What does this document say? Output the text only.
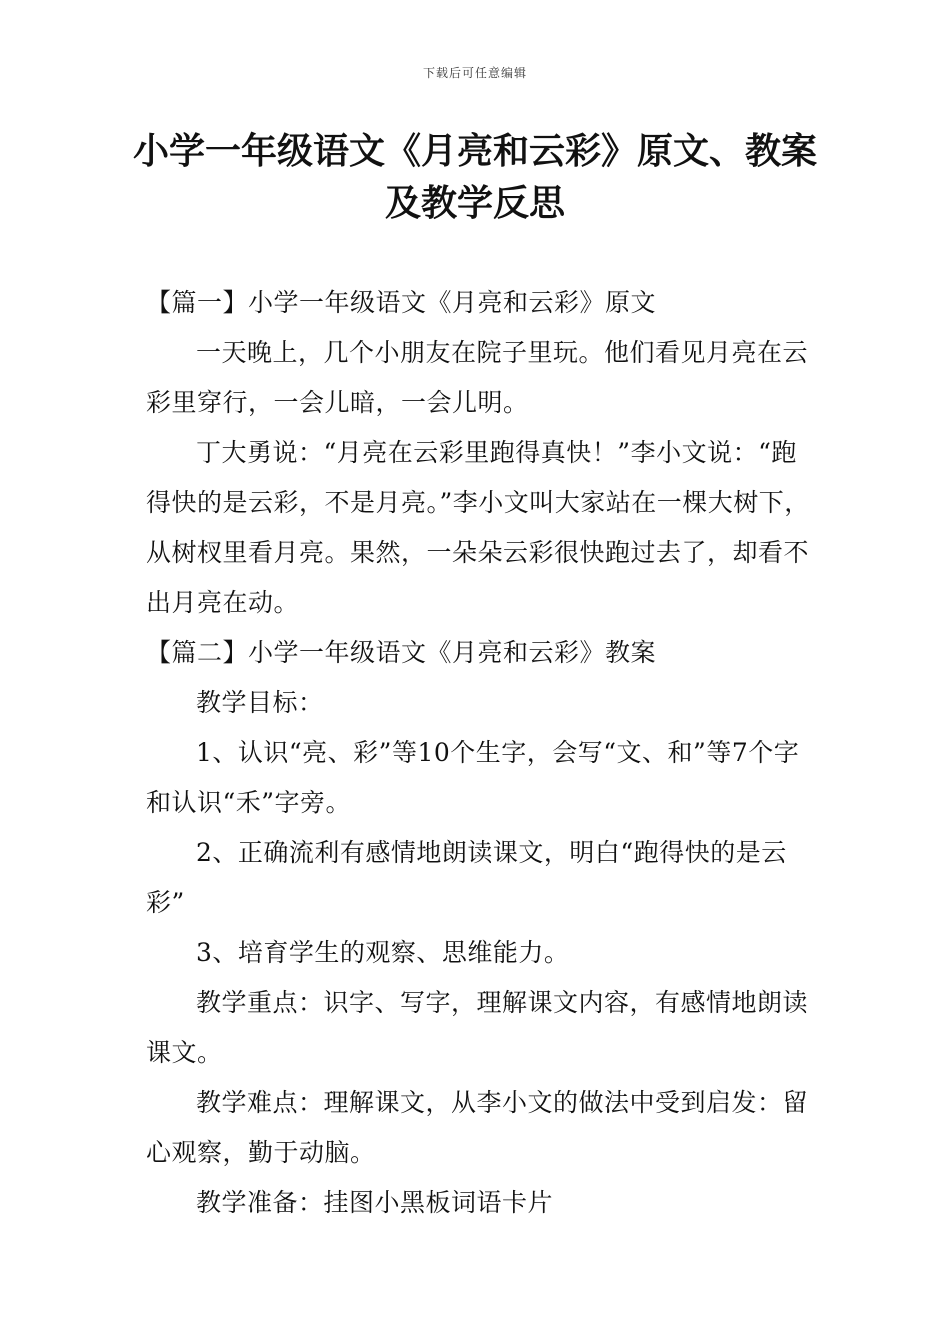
下载后可任意编辑
小学一年级语文《月亮和云彩》原文、教案及教学反思

【篇一】小学一年级语文《月亮和云彩》原文

一天晚上，几个小朋友在院子里玩。他们看见月亮在云彩里穿行，一会儿暗，一会儿明。

丁大勇说：“月亮在云彩里跑得真快！”李小文说：“跑得快的是云彩，不是月亮。”李小文叫大家站在一棵大树下，从树杈里看月亮。果然，一朵朵云彩很快跑过去了，却看不出月亮在动。

【篇二】小学一年级语文《月亮和云彩》教案

教学目标：

1、认识“亮、彩”等10个生字，会写“文、和”等7个字和认识“禾”字旁。

2、正确流利有感情地朗读课文，明白“跑得快的是云彩”

3、培育学生的观察、思维能力。

教学重点：识字、写字，理解课文内容，有感情地朗读课文。

教学难点：理解课文，从李小文的做法中受到启发：留心观察，勤于动脑。

教学准备：挂图小黑板词语卡片
